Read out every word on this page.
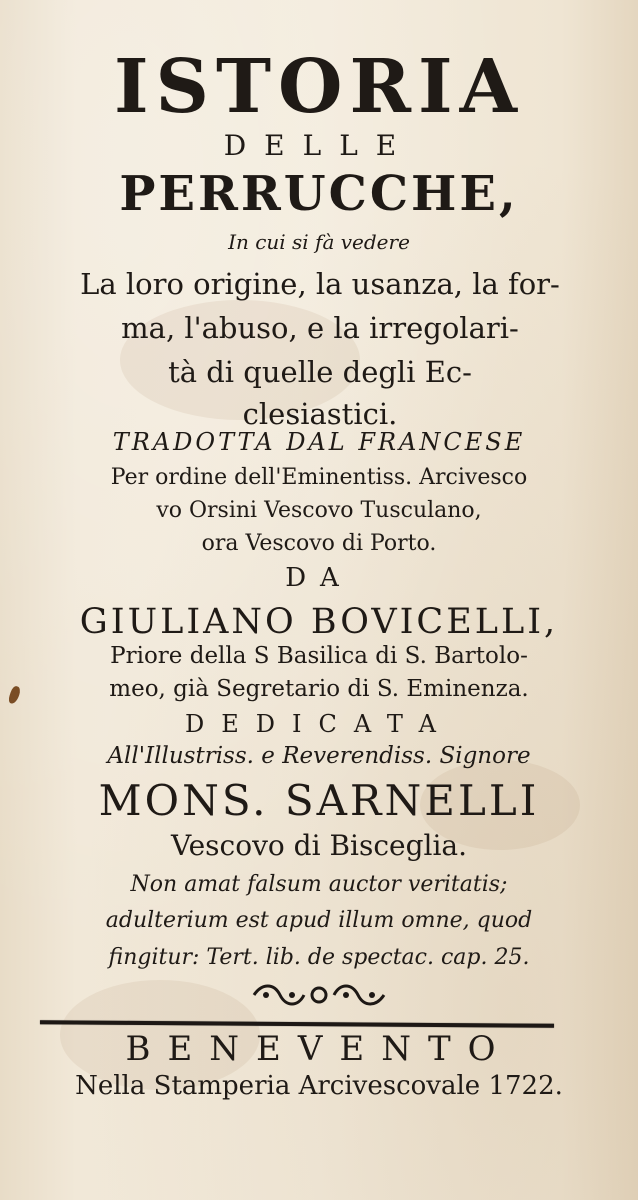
ISTORIA
DELLE
PERRUCCHE,
In cui si fà vedere
La loro origine, la usanza, la for-
ma, l'abuso, e la irregolari-
tà di quelle degli Ec-
clesiastici.
TRADOTTA DAL FRANCESE
Per ordine dell'Eminentiss. Arcivesco
vo Orsini Vescovo Tusculano,
ora Vescovo di Porto.
DA
GIULIANO BOVICELLI,
Priore della S Basilica di S. Bartolo-
meo, già Segretario di S. Eminenza.
DEDICATA
All'Illustriss. e Reverendiss. Signore
MONS. SARNELLI
Vescovo di Bisceglia.
Non amat falsum auctor veritatis;
adulterium est apud illum omne, quod
fingitur: Tert. lib. de spectac. cap. 25.
BENEVENTO
Nella Stamperia Arcivescovale 1722.
